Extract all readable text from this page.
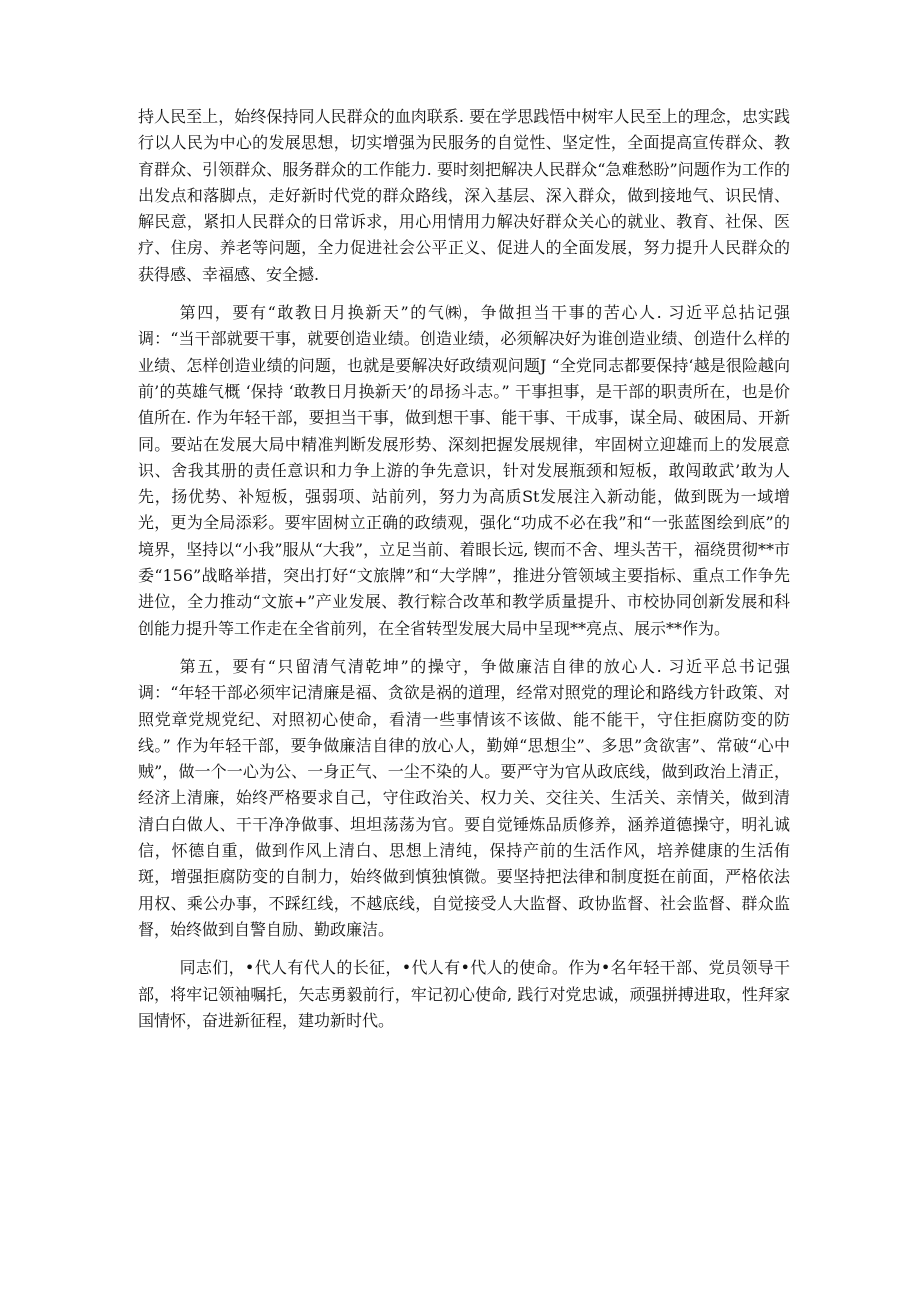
持人民至上，始终保持同人民群众的血肉联系. 要在学思践悟中树牢人民至上的理念，忠实践行以人民为中心的发展思想，切实增强为民服务的自觉性、坚定性，全面提高宣传群众、教育群众、引领群众、服务群众的工作能力. 要时刻把解决人民群众“急难愁盼”问题作为工作的出发点和落脚点，走好新时代党的群众路线，深入基层、深入群众，做到接地气、识民情、解民意，紧扣人民群众的日常诉求，用心用情用力解决好群众关心的就业、教育、社保、医疗、住房、养老等问题，全力促进社会公平正义、促进人的全面发展，努力提升人民群众的获得感、幸福感、安全撼.

第四，要有“敢教日月换新天”的气㈱，争做担当干事的苦心人. 习近平总拈记强调：“当干部就要干事，就要创造业绩。创造业绩，必须解决好为谁创造业绩、创造什么样的业绩、怎样创造业绩的问题，也就是要解决好政绩观问题J “全党同志都要保持‘越是很险越向前’的英雄气概 ‘保持 ‘敢教日月换新天’的昂扬斗志。” 干事担事，是干部的职责所在，也是价值所在. 作为年轻干部，要担当干事，做到想干事、能干事、干成事，谋全局、破困局、开新同。要站在发展大局中精准判断发展形势、深刻把握发展规律，牢固树立迎雄而上的发展意识、舍我其册的责任意识和力争上游的争先意识，针对发展瓶颈和短板，敢闯敢武’敢为人先，扬优势、补短板，强弱项、站前列，努力为高质St发展注入新动能，做到既为一域增光，更为全局添彩。要牢固树立正确的政绩观，强化“功成不必在我”和“一张蓝图绘到底”的境界，坚持以“小我”服从“大我”，立足当前、着眼长远, 锲而不舍、埋头苦干，福绕贯彻**市委“156”战略举措，突出打好“文旅牌”和“大学牌”，推进分管领域主要指标、重点工作争先进位，全力推动“文旅+”产业发展、教行粽合改革和教学质量提升、市校协同创新发展和科创能力提升等工作走在全省前列，在全省转型发展大局中呈现**亮点、展示**作为。

第五，要有“只留清气清乾坤”的操守，争做廉洁自律的放心人. 习近平总书记强调：“年轻干部必须牢记清廉是福、贪欲是祸的道理，经常对照党的理论和路线方针政策、对照党章党规党纪、对照初心使命，看清一些事情该不该做、能不能干，守住拒腐防变的防线。” 作为年轻干部，要争做廉洁自律的放心人，勤婵“思想尘”、多思”贪欲害”、常破“心中贼”，做一个一心为公、一身正气、一尘不染的人。要严守为官从政底线，做到政治上清正，经济上清廉，始终严格要求自己，守住政治关、权力关、交往关、生活关、亲情关，做到清清白白做人、干干净净做事、坦坦荡荡为官。要自觉锤炼品质修养，涵养道德操守，明礼诚信，怀德自重，做到作风上清白、思想上清纯，保持产前的生活作风，培养健康的生活侑斑，增强拒腐防变的自制力，始终做到慎独慎微。要坚持把法律和制度挺在前面，严格依法用权、乘公办事，不踩红线，不越底线，自觉接受人大监督、政协监督、社会监督、群众监督，始终做到自警自励、勤政廉洁。

同志们，•代人有代人的长征，•代人有•代人的使命。作为•名年轻干部、党员领导干部，将牢记领袖嘱托，矢志勇毅前行，牢记初心使命, 践行对党忠诚，顽强拼搏进取，性拜家国情怀，奋进新征程，建功新时代。
